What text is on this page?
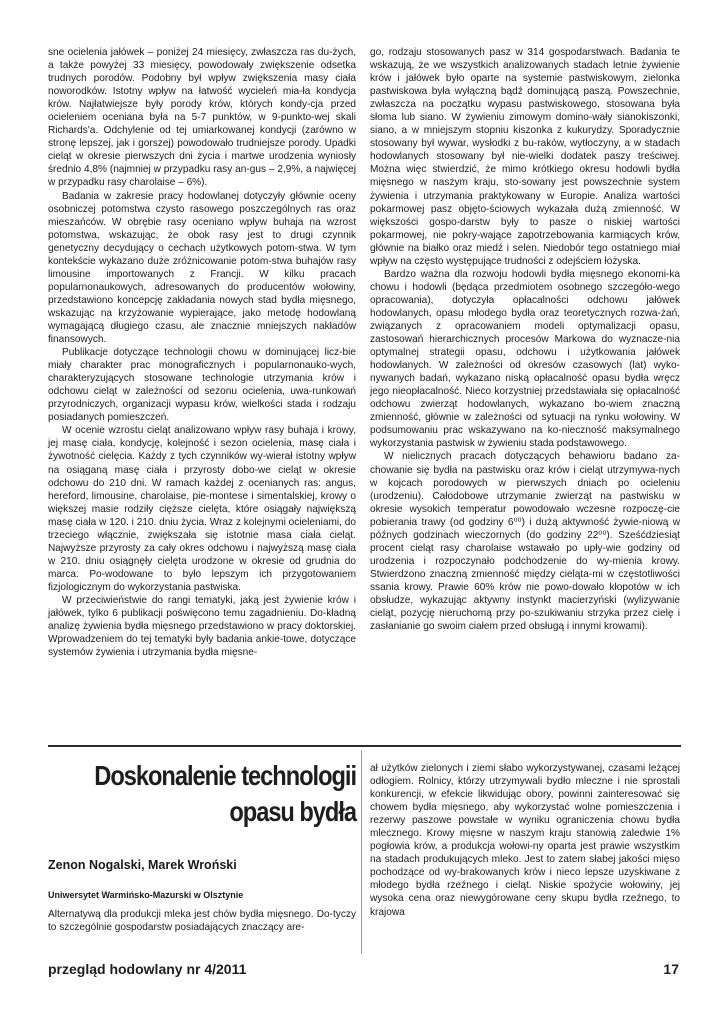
sne ocielenia jałówek – poniżej 24 miesięcy, zwłaszcza ras du-żych, a także powyżej 33 miesięcy, powodowały zwiększenie odsetka trudnych porodów. Podobny był wpływ zwiększenia masy ciała noworodków. Istotny wpływ na łatwość wycieleń mia-ła kondycja krów. Najłatwiejsze były porody krów, których kondy-cja przed ocieleniem oceniana była na 5-7 punktów, w 9-punkto-wej skali Richards'a. Odchylenie od tej umiarkowanej kondycji (zarówno w stronę lepszej, jak i gorszej) powodowało trudniejsze porody. Upadki cieląt w okresie pierwszych dni życia i martwe urodzenia wyniosły średnio 4,8% (najmniej w przypadku rasy an-gus – 2,9%, a najwięcej w przypadku rasy charolaise – 6%).

Badania w zakresie pracy hodowlanej dotyczyły głównie oceny osobniczej potomstwa czysto rasowego poszczególnych ras oraz mieszańców. W obrębie rasy oceniano wpływ buhaja na wzrost potomstwa, wskazując, że obok rasy jest to drugi czynnik genetyczny decydujący o cechach użytkowych potom-stwa. W tym kontekście wykazano duże zróżnicowanie potom-stwa buhajów rasy limousine importowanych z Francji. W kilku pracach popularnonaukowych, adresowanych do producentów wołowiny, przedstawiono koncepcję zakładania nowych stad bydła mięsnego, wskazując na krzyżowanie wypierające, jako metodę hodowlaną wymagającą długiego czasu, ale znacznie mniejszych nakładów finansowych.

Publikacje dotyczące technologii chowu w dominującej licz-bie miały charakter prac monograficznych i popularnonauko-wych, charakteryzujących stosowane technologie utrzymania krów i odchowu cieląt w zależności od sezonu ocielenia, uwa-runkowań przyrodniczych, organizacji wypasu krów, wielkości stada i rodzaju posiadanych pomieszczeń.

W ocenie wzrostu cieląt analizowano wpływ rasy buhaja i krowy, jej masę ciała, kondycję, kolejność i sezon ocielenia, masę ciała i żywotność cielęcia. Każdy z tych czynników wy-wierał istotny wpływ na osiąganą masę ciała i przyrosty dobo-we cieląt w okresie odchowu do 210 dni. W ramach każdej z ocenianych ras: angus, hereford, limousine, charolaise, pie-montese i simentalskiej, krowy o większej masie rodziły cięższe cielęta, które osiągały największą masę ciała w 120. i 210. dniu życia. Wraz z kolejnymi ocieleniami, do trzeciego włącznie, zwiększała się istotnie masa ciała cieląt. Najwyższe przyrosty za cały okres odchowu i najwyższą masę ciała w 210. dniu osiągnęły cielęta urodzone w okresie od grudnia do marca. Po-wodowane to było lepszym ich przygotowaniem fizjologicznym do wykorzystania pastwiska.

W przeciwieństwie do rangi tematyki, jaką jest żywienie krów i jałówek, tylko 6 publikacji poświęcono temu zagadnieniu. Do-kładną analizę żywienia bydła mięsnego przedstawiono w pracy doktorskiej. Wprowadzeniem do tej tematyki były badania ankie-towe, dotyczące systemów żywienia i utrzymania bydła mięsne-

go, rodzaju stosowanych pasz w 314 gospodarstwach. Badania te wskazują, że we wszystkich analizowanych stadach letnie żywienie krów i jałówek było oparte na systemie pastwiskowym, zielonka pastwiskowa była wyłączną bądź dominującą paszą. Powszechnie, zwłaszcza na początku wypasu pastwiskowego, stosowana była słoma lub siano. W żywieniu zimowym domino-wały sianokiszonki, siano, a w mniejszym stopniu kiszonka z kukurydzy. Sporadycznie stosowany był wywar, wysłodki z bu-raków, wytłoczyny, a w stadach hodowlanych stosowany był nie-wielki dodatek paszy treściwej. Można więc stwierdzić, że mimo krótkiego okresu hodowli bydła mięsnego w naszym kraju, sto-sowany jest powszechnie system żywienia i utrzymania praktykowany w Europie. Analiza wartości pokarmowej pasz objęto-ściowych wykazała dużą zmienność. W większości gospo-darstw były to pasze o niskiej wartości pokarmowej, nie pokry-wające zapotrzebowania karmiących krów, głównie na białko oraz miedź i selen. Niedobór tego ostatniego miał wpływ na często występujące trudności z odejściem łożyska.

Bardzo ważna dla rozwoju hodowli bydła mięsnego ekonomi-ka chowu i hodowli (będąca przedmiotem osobnego szczegóło-wego opracowania), dotyczyła opłacalności odchowu jałówek hodowlanych, opasu młodego bydła oraz teoretycznych rozwa-żań, związanych z opracowaniem modeli optymalizacji opasu, zastosowań hierarchicznych procesów Markowa do wyznacze-nia optymalnej strategii opasu, odchowu i użytkowania jałówek hodowlanych. W zależności od okresów czasowych (lat) wyko-nywanych badań, wykazano niską opłacalność opasu bydła wręcz jego nieopłacalność. Nieco korzystniej przedstawiała się opłacalność odchowu zwierząt hodowlanych, wykazano bo-wiem znaczną zmienność, głównie w zależności od sytuacji na rynku wołowiny. W podsumowaniu prac wskazywano na ko-nieczność maksymalnego wykorzystania pastwisk w żywieniu stada podstawowego.

W nielicznych pracach dotyczących behawioru badano za-chowanie się bydła na pastwisku oraz krów i cieląt utrzymywa-nych w kojcach porodowych w pierwszych dniach po ocieleniu (urodzeniu). Całodobowe utrzymanie zwierząt na pastwisku w okresie wysokich temperatur powodowało wczesne rozpoczę-cie pobierania trawy (od godziny 6⁰⁰) i dużą aktywność żywie-niową w późnych godzinach wieczornych (do godziny 22⁰⁰). Sześćdziesiąt procent cieląt rasy charolaise wstawało po upły-wie godziny od urodzenia i rozpoczynało podchodzenie do wy-mienia krowy. Stwierdzono znaczną zmienność między cieląta-mi w częstotliwości ssania krowy. Prawie 60% krów nie powo-dowało kłopotów w ich obsłudze, wykazując aktywny instynkt macierzyński (wylizywanie cieląt, pozycję nieruchomą przy po-szukiwaniu strzyka przez cielę i zasłanianie go swoim ciałem przed obsługą i innymi krowami).

Doskonalenie technologii
opasu bydła
Zenon Nogalski, Marek Wroński
Uniwersytet Warmińsko-Mazurski w Olsztynie

Alternatywą dla produkcji mleka jest chów bydła mięsnego. Do-tyczy to szczególnie gospodarstw posiadających znaczący are-

ał użytków zielonych i ziemi słabo wykorzystywanej, czasami leżącej odłogiem. Rolnicy, którzy utrzymywali bydło mleczne i nie sprostali konkurencji, w efekcie likwidując obory, powinni zainteresować się chowem bydła mięsnego, aby wykorzystać wolne pomieszczenia i rezerwy paszowe powstałe w wyniku ograniczenia chowu bydła mlecznego. Krowy mięsne w naszym kraju stanowią zaledwie 1% pogłowia krów, a produkcja wołowi-ny oparta jest prawie wszystkim na stadach produkujących mleko. Jest to zatem słabej jakości mięso pochodzące od wy-brakowanych krów i nieco lepsze uzyskiwane z młodego bydła rzeźnego i cieląt. Niskie spożycie wołowiny, jej wysoka cena oraz niewygórowane ceny skupu bydła rzeźnego, to krajowa

przegląd hodowlany nr 4/2011	17
